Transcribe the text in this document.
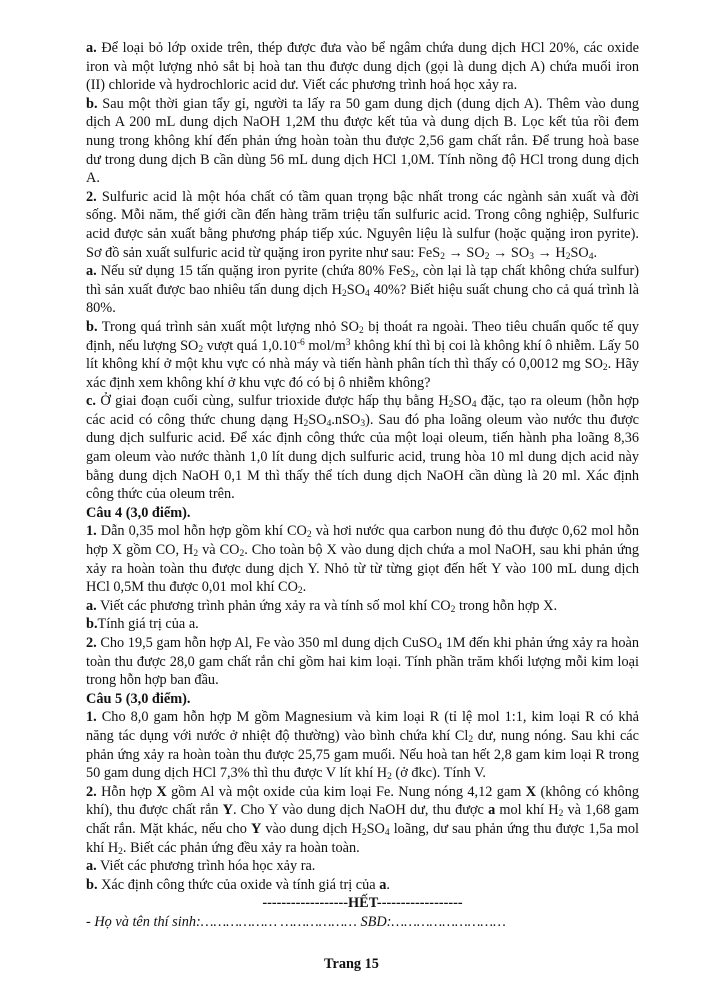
a. Để loại bỏ lớp oxide trên, thép được đưa vào bể ngâm chứa dung dịch HCl 20%, các oxide iron và một lượng nhỏ sắt bị hoà tan thu được dung dịch (gọi là dung dịch A) chứa muối iron (II) chloride và hydrochloric acid dư. Viết các phương trình hoá học xảy ra.

b. Sau một thời gian tẩy gỉ, người ta lấy ra 50 gam dung dịch (dung dịch A). Thêm vào dung dịch A 200 mL dung dịch NaOH 1,2M thu được kết tủa và dung dịch B. Lọc kết tủa rồi đem nung trong không khí đến phản ứng hoàn toàn thu được 2,56 gam chất rắn. Để trung hoà base dư trong dung dịch B cần dùng 56 mL dung dịch HCl 1,0M. Tính nồng độ HCl trong dung dịch A.

2. Sulfuric acid là một hóa chất có tầm quan trọng bậc nhất trong các ngành sản xuất và đời sống. Mỗi năm, thế giới cần đến hàng trăm triệu tấn sulfuric acid. Trong công nghiệp, Sulfuric acid được sản xuất bằng phương pháp tiếp xúc. Nguyên liệu là sulfur (hoặc quặng iron pyrite). Sơ đồ sản xuất sulfuric acid từ quặng iron pyrite như sau: $FeS_2 \to SO_2 \to SO_3 \to H_2SO_4$.

a. Nếu sử dụng 15 tấn quặng iron pyrite (chứa 80% FeS$_2$, còn lại là tạp chất không chứa sulfur) thì sản xuất được bao nhiêu tấn dung dịch $H_2SO_4$ 40%? Biết hiệu suất chung cho cả quá trình là 80%.

b. Trong quá trình sản xuất một lượng nhỏ $SO_2$ bị thoát ra ngoài. Theo tiêu chuẩn quốc tế quy định, nếu lượng $SO_2$ vượt quá $1,0.10^{-6}$ mol/$m^3$ không khí thì bị coi là không khí ô nhiễm. Lấy 50 lít không khí ở một khu vực có nhà máy và tiến hành phân tích thì thấy có 0,0012 mg $SO_2$. Hãy xác định xem không khí ở khu vực đó có bị ô nhiễm không?

c. Ở giai đoạn cuối cùng, sulfur trioxide được hấp thụ bằng $H_2SO_4$ đặc, tạo ra oleum (hỗn hợp các acid có công thức chung dạng $H_2SO_4.nSO_3$). Sau đó pha loãng oleum vào nước thu được dung dịch sulfuric acid. Để xác định công thức của một loại oleum, tiến hành pha loãng 8,36 gam oleum vào nước thành 1,0 lít dung dịch sulfuric acid, trung hòa 10 ml dung dịch acid này bằng dung dịch NaOH 0,1 M thì thấy thể tích dung dịch NaOH cần dùng là 20 ml. Xác định công thức của oleum trên.

Câu 4 (3,0 điểm).

1. Dẫn 0,35 mol hỗn hợp gồm khí $CO_2$ và hơi nước qua carbon nung đỏ thu được 0,62 mol hỗn hợp X gồm CO, $H_2$ và $CO_2$. Cho toàn bộ X vào dung dịch chứa a mol NaOH, sau khi phản ứng xảy ra hoàn toàn thu được dung dịch Y. Nhỏ từ từ từng giọt đến hết Y vào 100 mL dung dịch HCl 0,5M thu được 0,01 mol khí $CO_2$.

a. Viết các phương trình phản ứng xảy ra và tính số mol khí $CO_2$ trong hỗn hợp X.

b.Tính giá trị của a.

2. Cho 19,5 gam hỗn hợp Al, Fe vào 350 ml dung dịch CuSO$_4$ 1M đến khi phản ứng xảy ra hoàn toàn thu được 28,0 gam chất rắn chỉ gồm hai kim loại. Tính phần trăm khối lượng mỗi kim loại trong hỗn hợp ban đầu.

Câu 5 (3,0 điểm).

1. Cho 8,0 gam hỗn hợp M gồm Magnesium và kim loại R (tỉ lệ mol 1:1, kim loại R có khả năng tác dụng với nước ở nhiệt độ thường) vào bình chứa khí $Cl_2$ dư, nung nóng. Sau khi các phản ứng xảy ra hoàn toàn thu được 25,75 gam muối. Nếu hoà tan hết 2,8 gam kim loại R trong 50 gam dung dịch HCl 7,3% thì thu được V lít khí $H_2$ (ở đkc). Tính V.

2. Hỗn hợp X gồm Al và một oxide của kim loại Fe. Nung nóng 4,12 gam X (không có không khí), thu được chất rắn Y. Cho Y vào dung dịch NaOH dư, thu được a mol khí $H_2$ và 1,68 gam chất rắn. Mặt khác, nếu cho Y vào dung dịch $H_2SO_4$ loãng, dư sau phản ứng thu được 1,5a mol khí $H_2$. Biết các phản ứng đều xảy ra hoàn toàn.

a. Viết các phương trình hóa học xảy ra.

b. Xác định công thức của oxide và tính giá trị của a.

------------------HẾT------------------

- Họ và tên thí sinh:……………… ……………… SBD:………………………

Trang 15
